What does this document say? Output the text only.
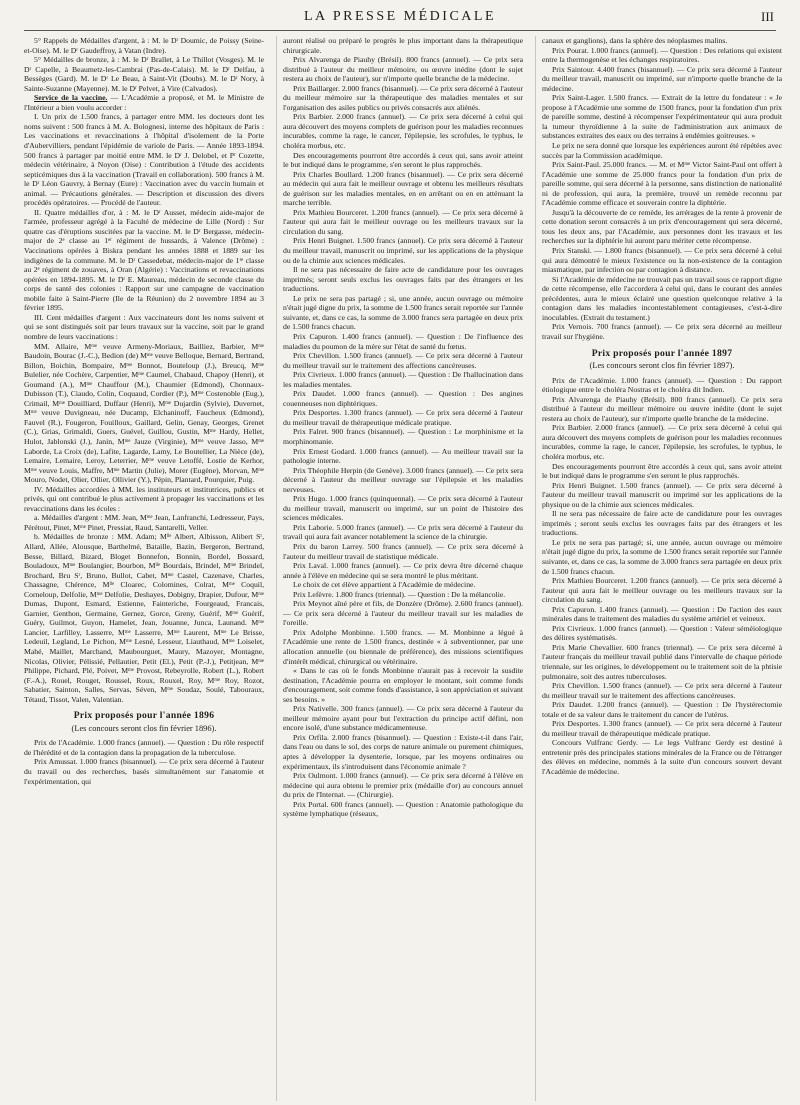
LA PRESSE MÉDICALE	III

5° Rappels de Médailles d'argent, à : M. le Dʳ Doumic, de Poissy (Seine-et-Oise). M. le Dʳ Gaudeffroy, à Vatan (Indre).

5° Médailles de bronze, à : M. le Dʳ Brallet, à Le Thillot (Vosges). M. le Dʳ Capelle, à Beaumetz-les-Cambrai (Pas-de-Calais). M. le Dʳ Delfau, à Bessèges (Gard). M. le Dʳ Le Beau, à Saint-Vit (Doubs). M. le Dʳ Nory, à Sainte-Suzanne (Mayenne). M. le Dʳ Pelvet, à Vire (Calvados).

Service de la vaccine. — L'Académie a proposé, et M. le Ministre de l'Intérieur a bien voulu accorder :

I. Un prix de 1.500 francs, à partager entre MM. les docteurs dont les noms suivent : 500 francs à M. A. Bolognesi, interne des hôpitaux de Paris : Les vaccinations et revaccinations à l'hôpital d'isolement de la Porte d'Aubervilliers, pendant l'épidémie de variole de Paris. — Année 1893-1894. 500 francs à partager par moitié entre MM. le Dʳ J. Delobel, et Pʳ Cozette, médecin vétérinaire, à Noyon (Oise) : Contribution à l'étude des accidents septicémiques dus à la vaccination (Travail en collaboration). 500 francs à M. le Dʳ Léon Gauvry, à Bernay (Eure) : Vaccination avec du vaccin humain et animal. — Précautions générales. — Description et discussion des divers procédés opératoires. — Procédé de l'auteur.

II. Quatre médailles d'or, à : M. le Dʳ Ausset, médecin aide-major de l'armée, professeur agrégé à la Faculté de médecine de Lille (Nord) : Sur quatre cas d'éruptions suscitées par la vaccine. M. le Dʳ Bergasse, médecin-major de 2ᵉ classe au 1ᵉʳ régiment de hussards, à Valence (Drôme) : Vaccinations opérées à Biskra pendant les années 1888 et 1889 sur les indigènes de la commune. M. le Dʳ Cassedebat, médecin-major de 1ʳᵉ classe au 2ᵉ régiment de zouaves, à Oran (Algérie) : Vaccinations et revaccinations opérées en 1894-1895. M. le Dʳ E. Maureau, médecin de seconde classe du corps de santé des colonies : Rapport sur une campagne de vaccination mobile faite à Saint-Pierre (Ile de la Réunion) du 2 novembre 1894 au 3 février 1895.

III. Cent médailles d'argent : Aux vaccinateurs dont les noms suivent et qui se sont distingués soit par leurs travaux sur la vaccine, soit par le grand nombre de leurs vaccinations :

MM. Allaire, Mᵐᵉ veuve Armeny-Moriaux, Bailliez, Barbier, Mᵐᵉ Baudoin, Bourac (J.-C.), Bedion (de) Mᵐᵉ veuve Belloque, Bernard, Bertrand, Billon, Boichin, Bompaire, Mᵐᵉ Bonnot, Bouteloup (J.), Breucq, Mᵐᵉ Bulelier, née Cochère, Carpentier, Mᵐᵉ Caumel, Chabaud, Chapoy (Henri), et Goumand (A.), Mᵐᵉ Chauffour (M.), Chaumier (Edmond), Chonnaux-Dubisson (T.), Ciaudo, Colin, Coquaud, Cordier (P.), Mᵐᵉ Costenoble (Eug.), Crimail, Mᵐᵉ Douilliard, Duffaur (Henri), Mᵐᵉ Dujardin (Sylvie), Duvernet, Mᵐᵉ veuve Duvigneau, née Ducamp, Elchaninoff, Faucheux (Edmond), Fauvel (R.), Fougeron, Fouilloux, Gaillard, Gelin, Genay, Georges, Grenet (C.), Grias, Grimaldi, Guers, Guével, Guillou, Gustin, Mᵐᵉ Hardy, Hellet, Hulot, Jablonski (J.), Janin, Mᵐᵉ Jauze (Virginie), Mᵐᵉ veuve Jasso, Mᵐᵉ Laborde, La Croix (de), Lafite, Lagarde, Lamy, Le Boutellier, La Nièce (de), Lemaire, Lemaire, Leroy, Leterrier, Mᵐᵉ veuve Letoffé, Lostie de Kerhor, Mᵐᵉ veuve Louis, Maffre, Mᵐᵉ Martin (Julie), Morer (Eugène), Morvan, Mᵐᵉ Mouro, Nodet, Olier, Ollier, Ollivier (Y.), Pépin, Plantard, Pourquier, Puig.

IV. Médailles accordées à MM. les instituteurs et institutrices, publics et privés, qui ont contribué le plus activement à propager les vaccinations et les revaccinations dans les écoles :

a. Médailles d'argent : MM. Jean, Mᵐᵉ Jean, Lanfranchi, Ledresseur, Pays, Pérétout, Pinet, Mᵐᵉ Pinet, Pressiat, Raud, Santarelli, Veller.

b. Médailles de bronze : MM. Adam; Mˡˡᵉ Albert, Albisson, Alibert Sʳ, Allard, Allée, Alousque, Barthelmé, Bataille, Bazin, Bergeron, Bertrand, Besse, Billard, Bizard, Bloget Bonnefon, Bonnin, Bordel, Bossard, Bouladoux, Mᵐᵉ Boulangier, Bourbon, Mˡˡᵉ Bourdais, Brindel, Mᵐᵉ Brindel, Brochard, Bru Sʳ, Bruno, Bullot, Cabet, Mᵐᵉ Castel, Cazenave, Charles, Chassagne, Chérence, Mˡˡᵉ Cloarec, Colomines, Colrat, Mᵐᵉ Coquil, Corneloup, Delfolie, Mᵐᵉ Delfolie, Deshayes, Dobigny, Drapier, Dufour, Mᵐᵉ Dumas, Dupont, Esmard, Estienne, Fainteriche, Fourgeaud, Francais, Garnier, Genthon, Germaine, Gernez, Gorce, Greny, Guérif, Mᵐᵉ Guérif, Guéry, Guilmot, Guyon, Hamelet, Jean, Jouanne, Junca, Launand. Mᵐᵉ Lancier, Larfilley, Lasserre, Mᵐᵉ Lasserre, Mᵐᵉ Laurent, Mᵐᵉ Le Brisse, Ledeuil, Legland, Le Pichon, Mᵐᵉ Lesné, Lesseur, Liauthaud, Mᵐᵉ Loiselet, Mahé, Maillet, Marchand, Maubourguet, Maury, Mazoyer, Montagne, Nicolas, Olivier, Pélissié, Pellautier, Petit (El.), Petit (P.-J.), Petitjean, Mᵐᵉ Philippe, Pichard, Plé, Poivet, Mᵐᵉ Provost, Rebeyrolle, Robert (L.), Robert (F.-A.), Rouel, Rouget, Roussel, Roux, Rouxel, Roy, Mᵐᵉ Roy, Rozot, Sabatier, Sainton, Salles, Servas, Séven, Mᵐᵉ Soudaz, Soulé, Tabouraux, Tétaud, Tissot, Valen, Valentian.

Prix proposés pour l'année 1896

(Les concours seront clos fin février 1896).

Prix de l'Académie. 1.000 francs (annuel). — Question : Du rôle respectif de l'hérédité et de la contagion dans la propagation de la tuberculose.

Prix Amussat. 1.000 francs (bisannuel). — Ce prix sera décerné à l'auteur du travail ou des recherches, basés simultanément sur l'anatomie et l'expérimentation, qui

auront réalisé ou préparé le progrès le plus important dans la thérapeutique chirurgicale.

Prix Alvarenga de Piauhy (Brésil). 800 francs (annuel). — Ce prix sera distribué à l'auteur du meilleur mémoire, ou œuvre inédite (dont le sujet restera au choix de l'auteur), sur n'importe quelle branche de la médecine.

Prix Baillarger. 2.000 francs (bisannuel). — Ce prix sera décerné à l'auteur du meilleur mémoire sur la thérapeutique des maladies mentales et sur l'organisation des asiles publics ou privés consacrés aux aliénés.

Prix Barbier. 2.000 francs (annuel). — Ce prix sera décerné à celui qui aura découvert des moyens complets de guérison pour les maladies reconnues incurables, comme la rage, le cancer, l'épilepsie, les scrofules, le typhus, le choléra morbus, etc.

Des encouragements pourront être accordés à ceux qui, sans avoir atteint le but indiqué dans le programme, s'en seront le plus rapprochés.

Prix Charles Boullard. 1.200 francs (bisannuel). — Ce prix sera décerné au médecin qui aura fait le meilleur ouvrage et obtenu les meilleurs résultats de guérison sur les maladies mentales, en en arrêtant ou en en atténuant la marche terrible.

Prix Mathieu Bourceret. 1.200 francs (annuel). — Ce prix sera décerné à l'auteur qui aura fait le meilleur ouvrage ou les meilleurs travaux sur la circulation du sang.

Prix Henri Buignet. 1.500 francs (annuel). Ce prix sera décerné à l'auteur du meilleur travail, manuscrit ou imprimé, sur les applications de la physique ou de la chimie aux sciences médicales.

Il ne sera pas nécessaire de faire acte de candidature pour les ouvrages imprimés; seront seuls exclus les ouvrages faits par des étrangers et les traductions.

Le prix ne sera pas partagé ; si, une année, aucun ouvrage ou mémoire n'était jugé digne du prix, la somme de 1.500 francs serait reportée sur l'année suivante, et, dans ce cas, la somme de 3.000 francs sera partagée en deux prix de 1.500 francs chacun.

Prix Capuron. 1.400 francs (annuel). — Question : De l'influence des maladies du poumon de la mère sur l'état de santé du fœtus.

Prix Chevillon. 1.500 francs (annuel). — Ce prix sera décerné à l'auteur du meilleur travail sur le traitement des affections cancéreuses.

Prix Civrieux. 1.000 francs (annuel). — Question : De l'hallucination dans les maladies mentales.

Prix Daudet. 1.000 francs (annuel). — Question : Des angines couenneuses non diphtériques.

Prix Desportes. 1.300 francs (annuel). — Ce prix sera décerné à l'auteur du meilleur travail de thérapeutique médicale pratique.

Prix Falret. 900 francs (bisannuel). — Question : Le morphinisme et la morphinomanie.

Prix Ernest Godard. 1.000 francs (annuel). — Au meilleur travail sur la pathologie interne.

Prix Théophile Herpin (de Genève). 3.000 francs (annuel). — Ce prix sera décerné à l'auteur du meilleur ouvrage sur l'épilepsie et les maladies nerveuses.

Prix Hugo. 1.000 francs (quinquennal). — Ce prix sera décerné à l'auteur du meilleur travail, manuscrit ou imprimé, sur un point de l'histoire des sciences médicales.

Prix Laborie. 5.000 francs (annuel). — Ce prix sera décerné à l'auteur du travail qui aura fait avancer notablement la science de la chirurgie.

Prix du baron Larrey. 500 francs (annuel). — Ce prix sera décerné à l'auteur du meilleur travail de statistique médicale.

Prix Laval. 1.000 francs (annuel). — Ce prix devra être décerné chaque année à l'élève en médecine qui se sera montré le plus méritant.

Le choix de cet élève appartient à l'Académie de médecine.

Prix Lefèvre. 1.800 francs (triennal). — Question : De la mélancolie.

Prix Meynot aîné père et fils, de Donzère (Drôme). 2.600 francs (annuel). — Ce prix sera décerné à l'auteur du meilleur travail sur les maladies de l'oreille.

Prix Adolphe Monbinne. 1.500 francs. — M. Monbinne a légué à l'Académie une rente de 1.500 francs, destinée « à subventionner, par une allocation annuelle (ou biennale de préférence), des missions scientifiques d'intérêt médical, chirurgical ou vétérinaire.

« Dans le cas où le fonds Monbinne n'aurait pas à recevoir la susdite destination, l'Académie pourra en employer le montant, soit comme fonds d'encouragement, soit comme fonds d'assistance, à son appréciation et suivant ses besoins. »

Prix Nativelle. 300 francs (annuel). — Ce prix sera décerné à l'auteur du meilleur mémoire ayant pour but l'extraction du principe actif défini, non encore isolé, d'une substance médicamenteuse.

Prix Orfila. 2.000 francs (bisannuel). — Question : Existe-t-il dans l'air, dans l'eau ou dans le sol, des corps de nature animale ou purement chimiques, aptes à développer la dysenterie, lorsque, par les moyens ordinaires ou expérimentaux, ils s'introduisent dans l'économie animale ?

Prix Oulmont. 1.000 francs (annuel). — Ce prix sera décerné à l'élève en médecine qui aura obtenu le premier prix (médaille d'or) au concours annuel du prix de l'Internat. — (Chirurgie).

Prix Portal. 600 francs (annuel). — Question : Anatomie pathologique du système lymphatique (réseaux,

canaux et ganglions), dans la sphère des néoplasmes malins.

Prix Pourat. 1.000 francs (annuel). — Question : Des relations qui existent entre la thermogenèse et les échanges respiratoires.

Prix Saintour. 4.400 francs (bisannuel). — Ce prix sera décerné à l'auteur du meilleur travail, manuscrit ou imprimé, sur n'importe quelle branche de la médecine.

Prix Saint-Lager. 1.500 francs. — Extrait de la lettre du fondateur : « Je propose à l'Académie une somme de 1500 francs, pour la fondation d'un prix de pareille somme, destiné à récompenser l'expérimentateur qui aura produit la tumeur thyroïdienne à la suite de l'administration aux animaux de substances extraites des eaux ou des terrains à endémies goitreuses. »

Le prix ne sera donné que lorsque les expériences auront été répétées avec succès par la Commission académique.

Prix Saint-Paul. 25.000 francs. — M. et Mᵐᵉ Victor Saint-Paul ont offert à l'Académie une somme de 25.000 francs pour la fondation d'un prix de pareille somme, qui sera décerné à la personne, sans distinction de nationalité ni de profession, qui aura, la première, trouvé un remède reconnu par l'Académie comme efficace et souverain contre la diphtérie.

Jusqu'à la découverte de ce remède, les arrérages de la rente à provenir de cette donation seront consacrés à un prix d'encouragement qui sera décerné, tous les deux ans, par l'Académie, aux personnes dont les travaux et les recherches sur la diphtérie lui auront paru mériter cette récompense.

Prix Stanski. — 1.800 francs (bisannuel). — Ce prix sera décerné à celui qui aura démontré le mieux l'existence ou la non-existence de la contagion miasmatique, par infection ou par contagion à distance.

Si l'Académie de médecine ne trouvait pas un travail sous ce rapport digne de cette récompense, elle l'accordera à celui qui, dans le courant des années précédentes, aura le mieux éclairé une question quelconque relative à la contagion dans les maladies incontestablement contagieuses, c'est-à-dire inoculables. (Extrait du testament.)

Prix Vernois. 700 francs (annuel). — Ce prix sera décerné au meilleur travail sur l'hygiène.

Prix proposés pour l'année 1897

(Les concours seront clos fin février 1897).

Prix de l'Académie. 1.000 francs (annuel). — Question : Du rapport étiologique entre le choléra Nostras et le choléra dit Indien.

Prix Alvarenga de Piauhy (Brésil). 800 francs (annuel). Ce prix sera distribué à l'auteur du meilleur mémoire ou œuvre inédite (dont le sujet restera au choix de l'auteur), sur n'importe quelle branche de la médecine.

Prix Barbier. 2.000 francs (annuel). — Ce prix sera décerné à celui qui aura découvert des moyens complets de guérison pour les maladies reconnues incurables, comme la rage, le cancer, l'épilepsie, les scrofules, le typhus, le choléra morbus, etc.

Des encouragements pourront être accordés à ceux qui, sans avoir atteint le but indiqué dans le programme s'en seront le plus rapprochés.

Prix Henri Buignet. 1.500 francs (annuel). — Ce prix sera décerné à l'auteur du meilleur travail manuscrit ou imprimé sur les applications de la physique ou de la chimie aux sciences médicales.

Il ne sera pas nécessaire de faire acte de candidature pour les ouvrages imprimés ; seront seuls exclus les ouvrages faits par des étrangers et les traductions.

Le prix ne sera pas partagé; si, une année, aucun ouvrage ou mémoire n'était jugé digne du prix, la somme de 1.500 francs serait reportée sur l'année suivante, et, dans ce cas, la somme de 3.000 francs sera partagée en deux prix de 1.500 francs chacun.

Prix Mathieu Bourceret. 1.200 francs (annuel). — Ce prix sera décerné à l'auteur qui aura fait le meilleur ouvrage ou les meilleurs travaux sur la circulation du sang.

Prix Capuron. 1.400 francs (annuel). — Question : De l'action des eaux minérales dans le traitement des maladies du système artériel et veineux.

Prix Civrieux. 1.000 francs (annuel). — Question : Valeur séméiologique des délires systématisés.

Prix Marie Chevallier. 600 francs (triennal). — Ce prix sera décerné à l'auteur français du meilleur travail publié dans l'intervalle de chaque période triennale, sur les origines, le développement ou le traitement soit de la phtisie pulmonaire, soit des autres tuberculoses.

Prix Chevillon. 1.500 francs (annuel). — Ce prix sera décerné à l'auteur du meilleur travail sur le traitement des affections cancéreuses.

Prix Daudet. 1.200 francs (annuel). — Question : De l'hystérectomie totale et de sa valeur dans le traitement du cancer de l'utérus.

Prix Desportes. 1.300 francs (annuel). — Ce prix sera décerné à l'auteur du meilleur travail de thérapeutique médicale pratique.

Concours Vulfranc Gerdy. — Le legs Vulfranc Gerdy est destiné à entretenir près des principales stations minérales de la France ou de l'étranger des élèves en médecine, nommés à la suite d'un concours souvert devant l'Académie de médecine.
